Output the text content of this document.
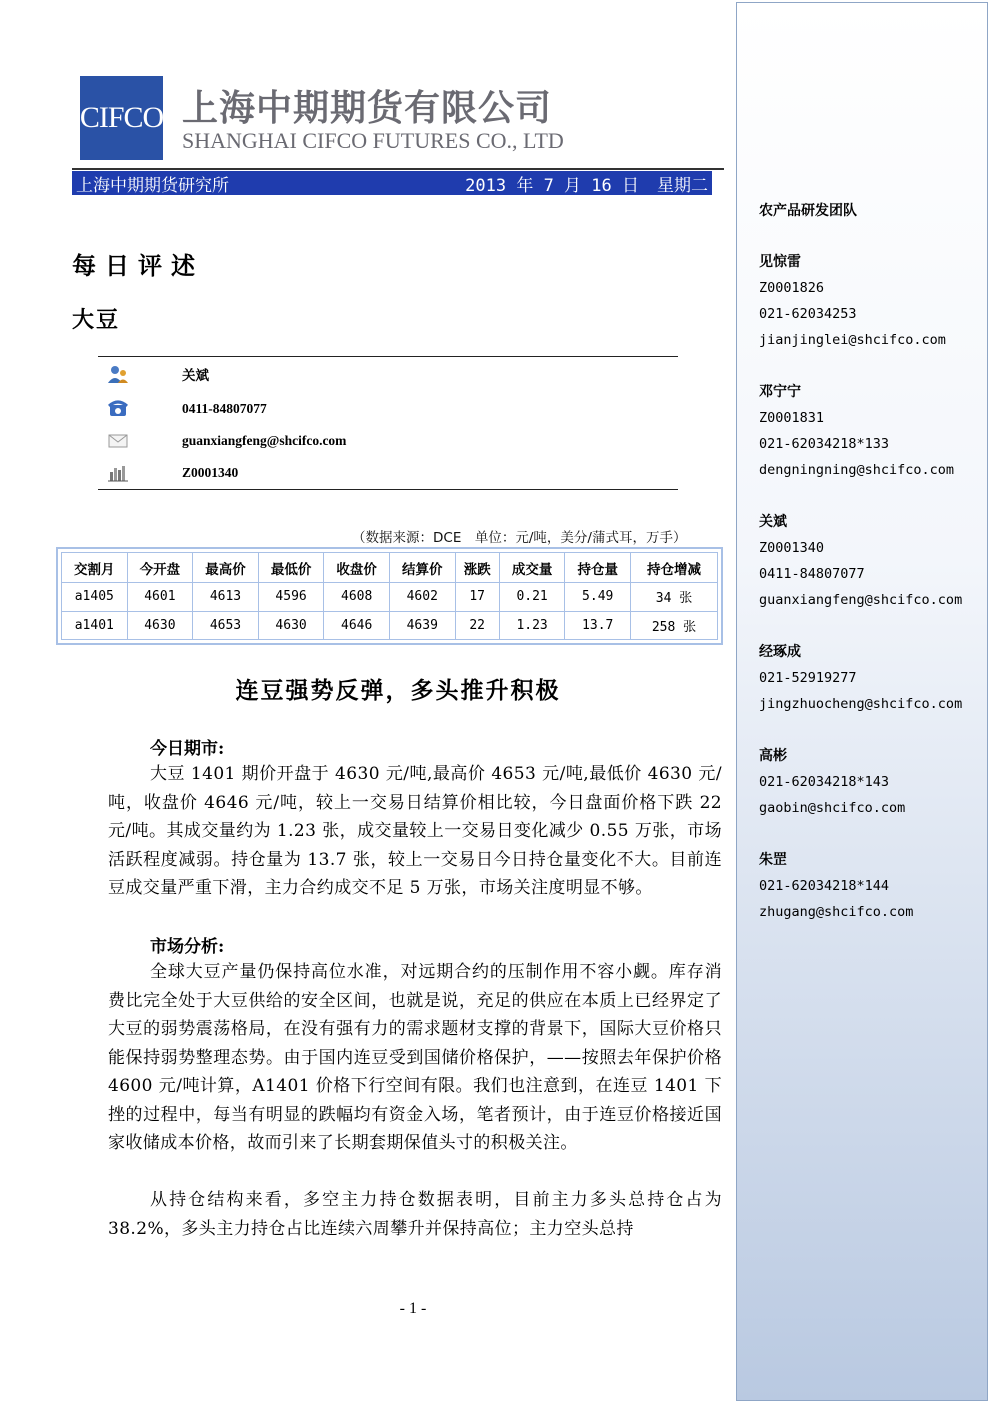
CIFCO 上海中期期货有限公司
SHANGHAI CIFCO FUTURES CO., LTD
上海中期期货研究所	2013 年 7 月 16 日 星期二
每日评述
大豆
关斌
0411-84807077
guanxiangfeng@shcifco.com
Z0001340
（数据来源：DCE　单位：元/吨，美分/蒲式耳，万手）
交割月	今开盘	最高价	最低价	收盘价	结算价	涨跌	成交量	持仓量	持仓增减
a1405	4601	4613	4596	4608	4602	17	0.21	5.49	34 张
a1401	4630	4653	4630	4646	4639	22	1.23	13.7	258 张
连豆强势反弹，多头推升积极
今日期市:
大豆 1401 期价开盘于 4630 元/吨,最高价 4653 元/吨,最低价 4630 元/吨，收盘价 4646 元/吨，较上一交易日结算价相比较，今日盘面价格下跌 22 元/吨。其成交量约为 1.23 张，成交量较上一交易日变化减少 0.55 万张，市场活跃程度减弱。持仓量为 13.7 张，较上一交易日今日持仓量变化不大。目前连豆成交量严重下滑，主力合约成交不足 5 万张，市场关注度明显不够。
市场分析:
全球大豆产量仍保持高位水准，对远期合约的压制作用不容小觑。库存消费比完全处于大豆供给的安全区间，也就是说，充足的供应在本质上已经界定了大豆的弱势震荡格局，在没有强有力的需求题材支撑的背景下，国际大豆价格只能保持弱势整理态势。由于国内连豆受到国储价格保护，——按照去年保护价格 4600 元/吨计算，A1401 价格下行空间有限。我们也注意到，在连豆 1401 下挫的过程中，每当有明显的跌幅均有资金入场，笔者预计，由于连豆价格接近国家收储成本价格，故而引来了长期套期保值头寸的积极关注。
从持仓结构来看，多空主力持仓数据表明，目前主力多头总持仓占为 38.2%，多头主力持仓占比连续六周攀升并保持高位；主力空头总持
- 1 -
农产品研发团队
见惊雷
Z0001826
021-62034253
jianjinglei@shcifco.com
邓宁宁
Z0001831
021-62034218*133
dengningning@shcifco.com
关斌
Z0001340
0411-84807077
guanxiangfeng@shcifco.com
经琢成
021-52919277
jingzhuocheng@shcifco.com
高彬
021-62034218*143
gaobin@shcifco.com
朱罡
021-62034218*144
zhugang@shcifco.com
